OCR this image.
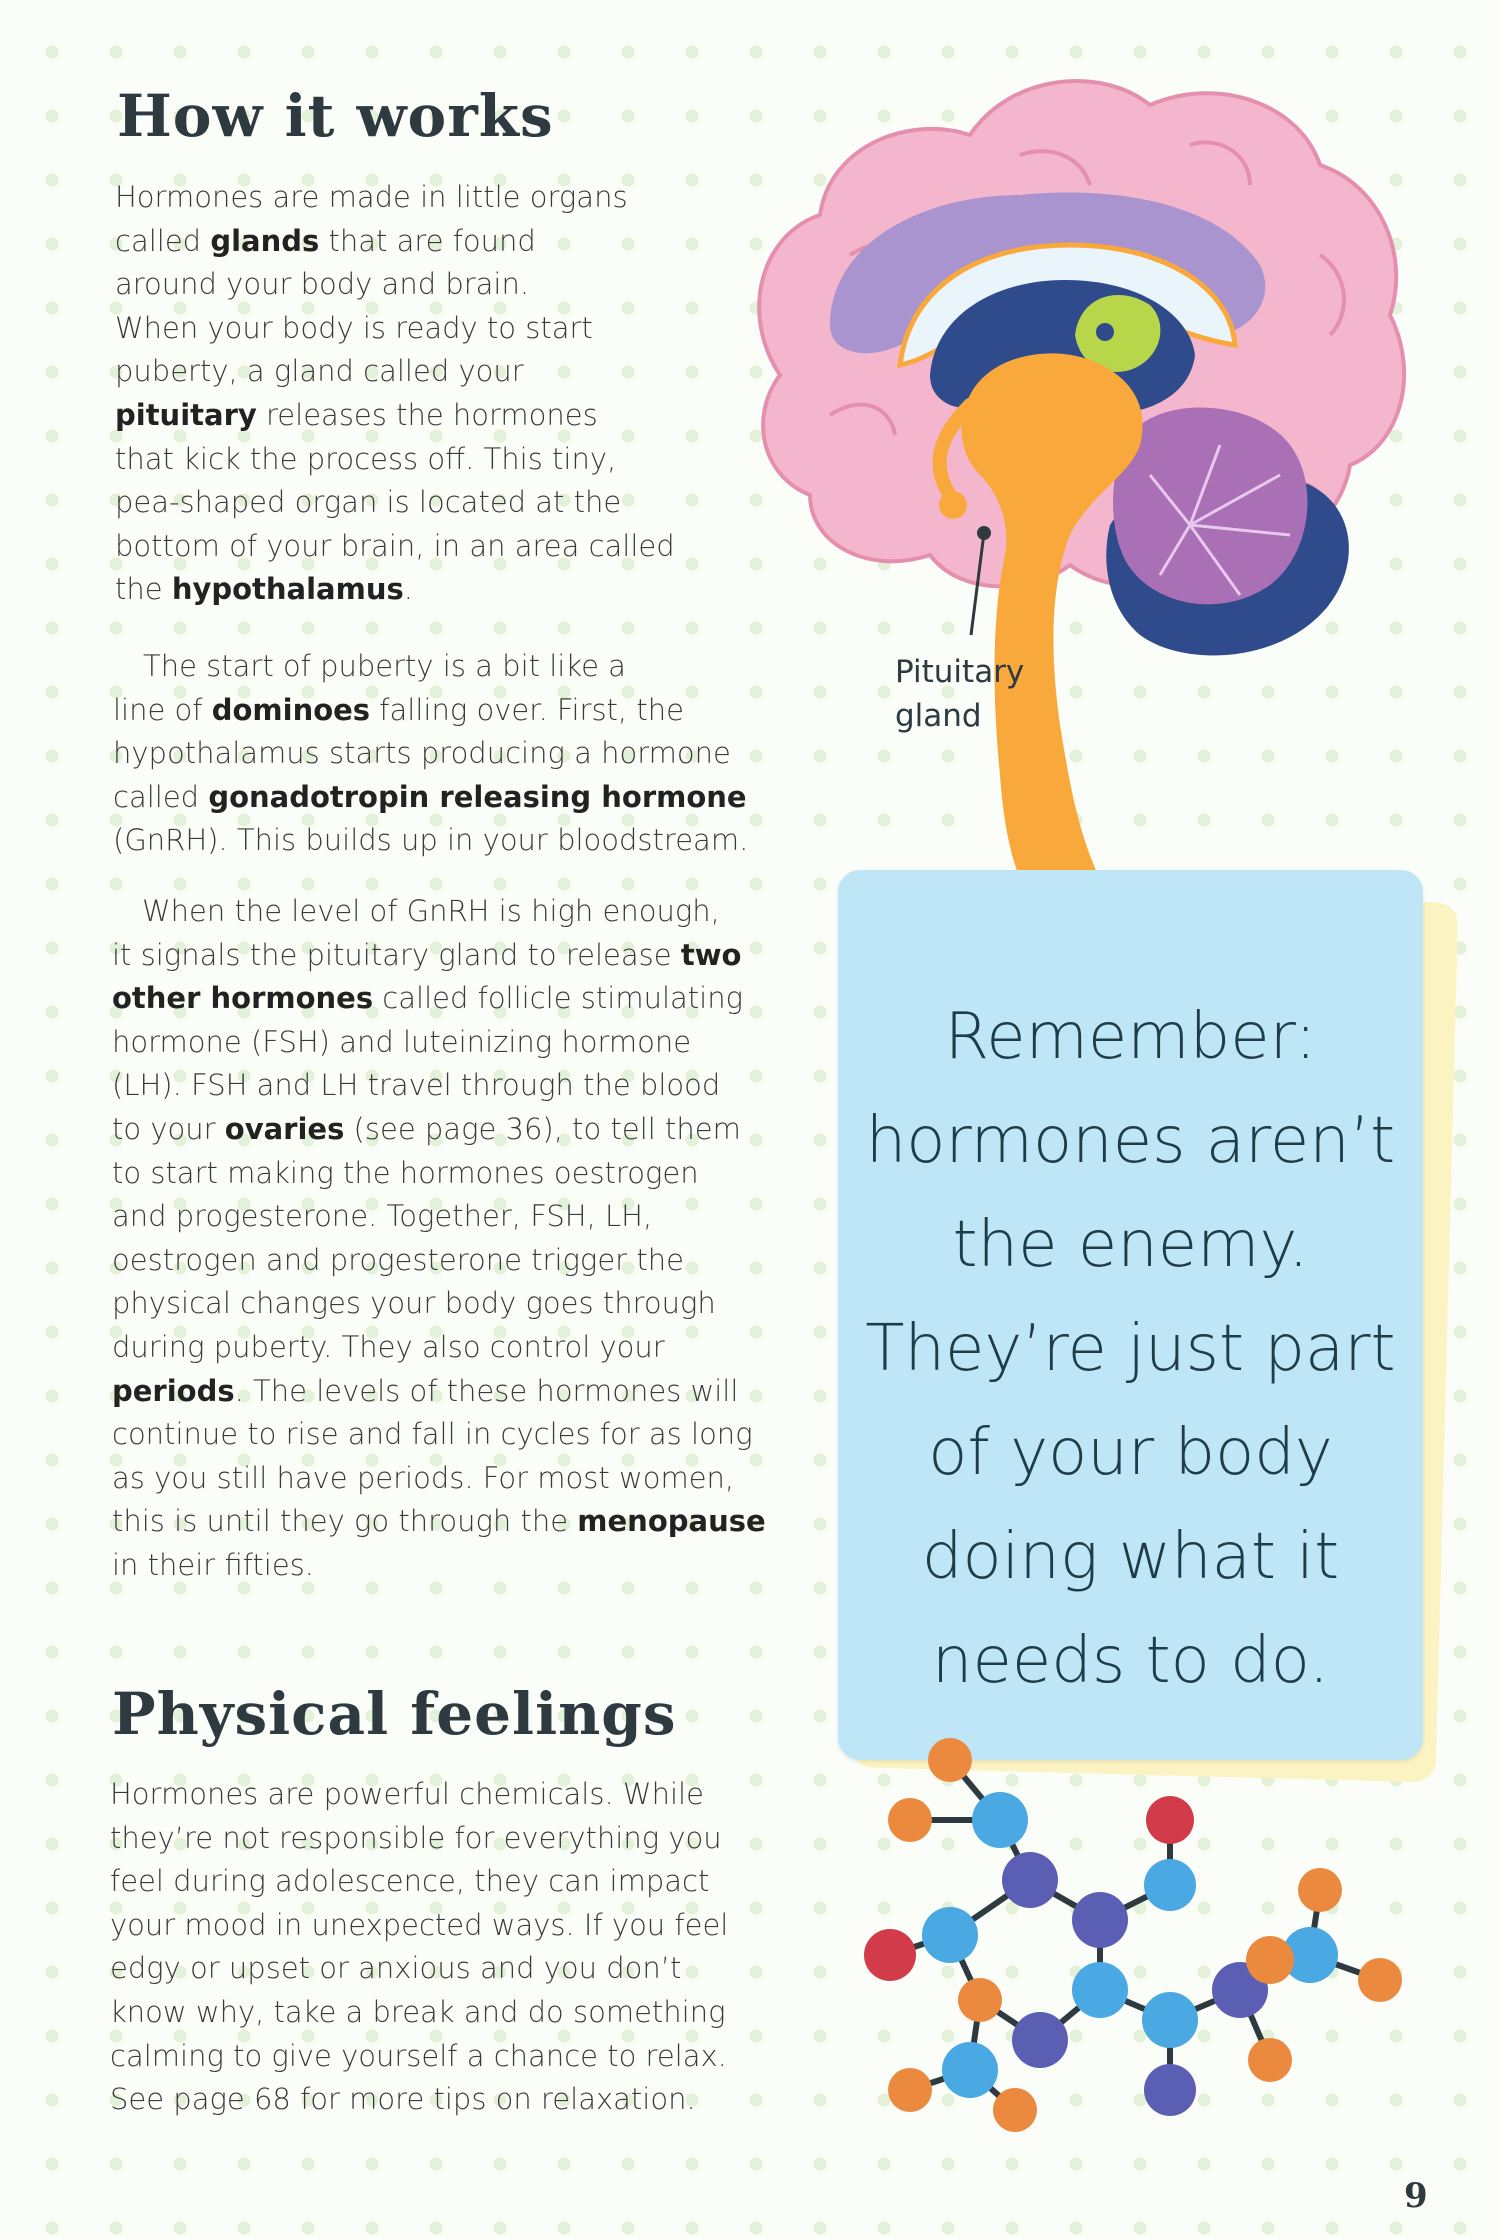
How it works

Hormones are made in little organs
called glands that are found
around your body and brain.
When your body is ready to start
puberty, a gland called your
pituitary releases the hormones
that kick the process off. This tiny,
pea-shaped organ is located at the
bottom of your brain, in an area called
the hypothalamus.

The start of puberty is a bit like a
line of dominoes falling over. First, the
hypothalamus starts producing a hormone
called gonadotropin releasing hormone
(GnRH). This builds up in your bloodstream.

When the level of GnRH is high enough,
it signals the pituitary gland to release two
other hormones called follicle stimulating
hormone (FSH) and luteinizing hormone
(LH). FSH and LH travel through the blood
to your ovaries (see page 36), to tell them
to start making the hormones oestrogen
and progesterone. Together, FSH, LH,
oestrogen and progesterone trigger the
physical changes your body goes through
during puberty. They also control your
periods. The levels of these hormones will
continue to rise and fall in cycles for as long
as you still have periods. For most women,
this is until they go through the menopause
in their fifties.

Physical feelings

Hormones are powerful chemicals. While
they’re not responsible for everything you
feel during adolescence, they can impact
your mood in unexpected ways. If you feel
edgy or upset or anxious and you don’t
know why, take a break and do something
calming to give yourself a chance to relax.
See page 68 for more tips on relaxation.

Pituitary
gland

Remember:
hormones aren’t
the enemy.
They’re just part
of your body
doing what it
needs to do.

9
